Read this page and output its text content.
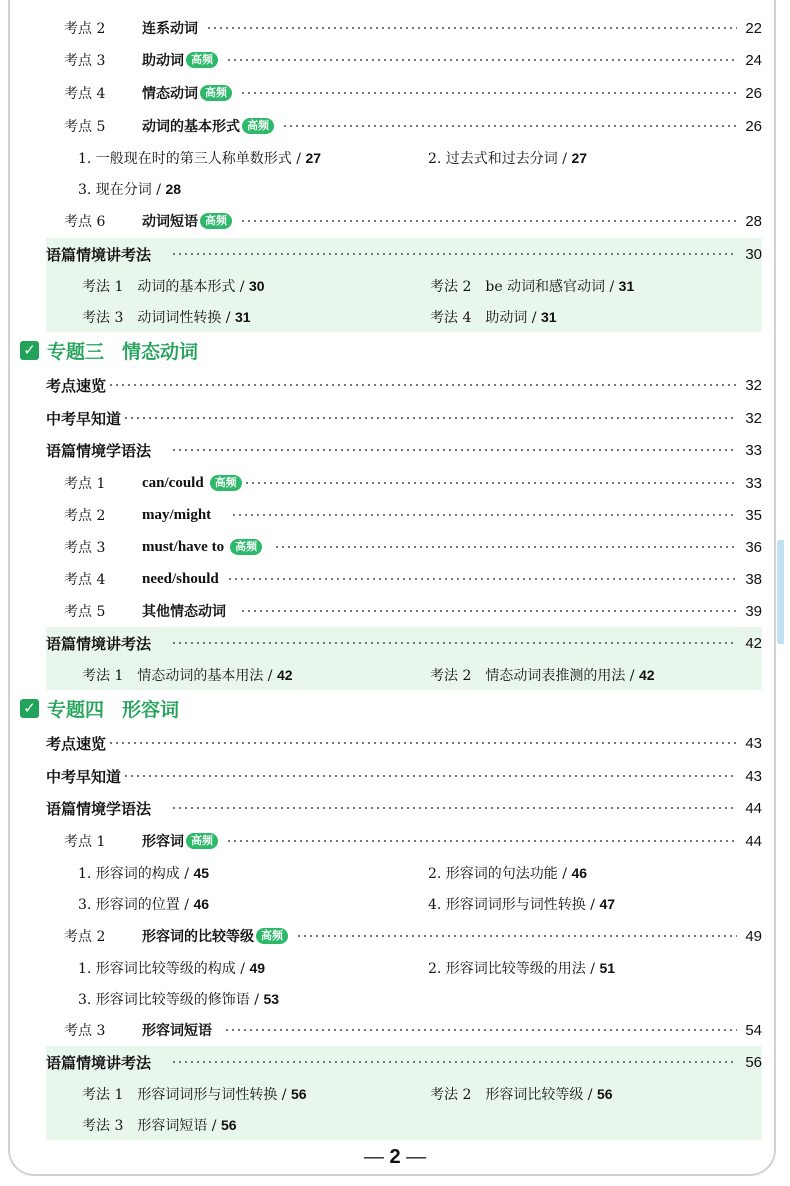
考点 2	连系动词	22
考点 3	助动词 高频	24
考点 4	情态动词 高频	26
考点 5	动词的基本形式 高频	26
1. 一般现在时的第三人称单数形式 / 27	2. 过去式和过去分词 / 27
3. 现在分词 / 28
考点 6	动词短语 高频	28
语篇情境讲考法	30
考法 1　动词的基本形式 / 30	考法 2　be 动词和感官动词 / 31
考法 3　动词词性转换 / 31	考法 4　助动词 / 31
✓ 专题三 情态动词
考点速览	32
中考早知道	32
语篇情境学语法	33
考点 1	can/could	高频	33
考点 2	may/might	35
考点 3	must/have to	高频	36
考点 4	need/should	38
考点 5	其他情态动词	39
语篇情境讲考法	42
考法 1　情态动词的基本用法 / 42	考法 2　情态动词表推测的用法 / 42
✓ 专题四 形容词
考点速览	43
中考早知道	43
语篇情境学语法	44
考点 1	形容词 高频	44
1. 形容词的构成 / 45	2. 形容词的句法功能 / 46
3. 形容词的位置 / 46	4. 形容词词形与词性转换 / 47
考点 2	形容词的比较等级 高频	49
1. 形容词比较等级的构成 / 49	2. 形容词比较等级的用法 / 51
3. 形容词比较等级的修饰语 / 53
考点 3	形容词短语	54
语篇情境讲考法	56
考法 1　形容词词形与词性转换 / 56	考法 2　形容词比较等级 / 56
考法 3　形容词短语 / 56
— 2 —
